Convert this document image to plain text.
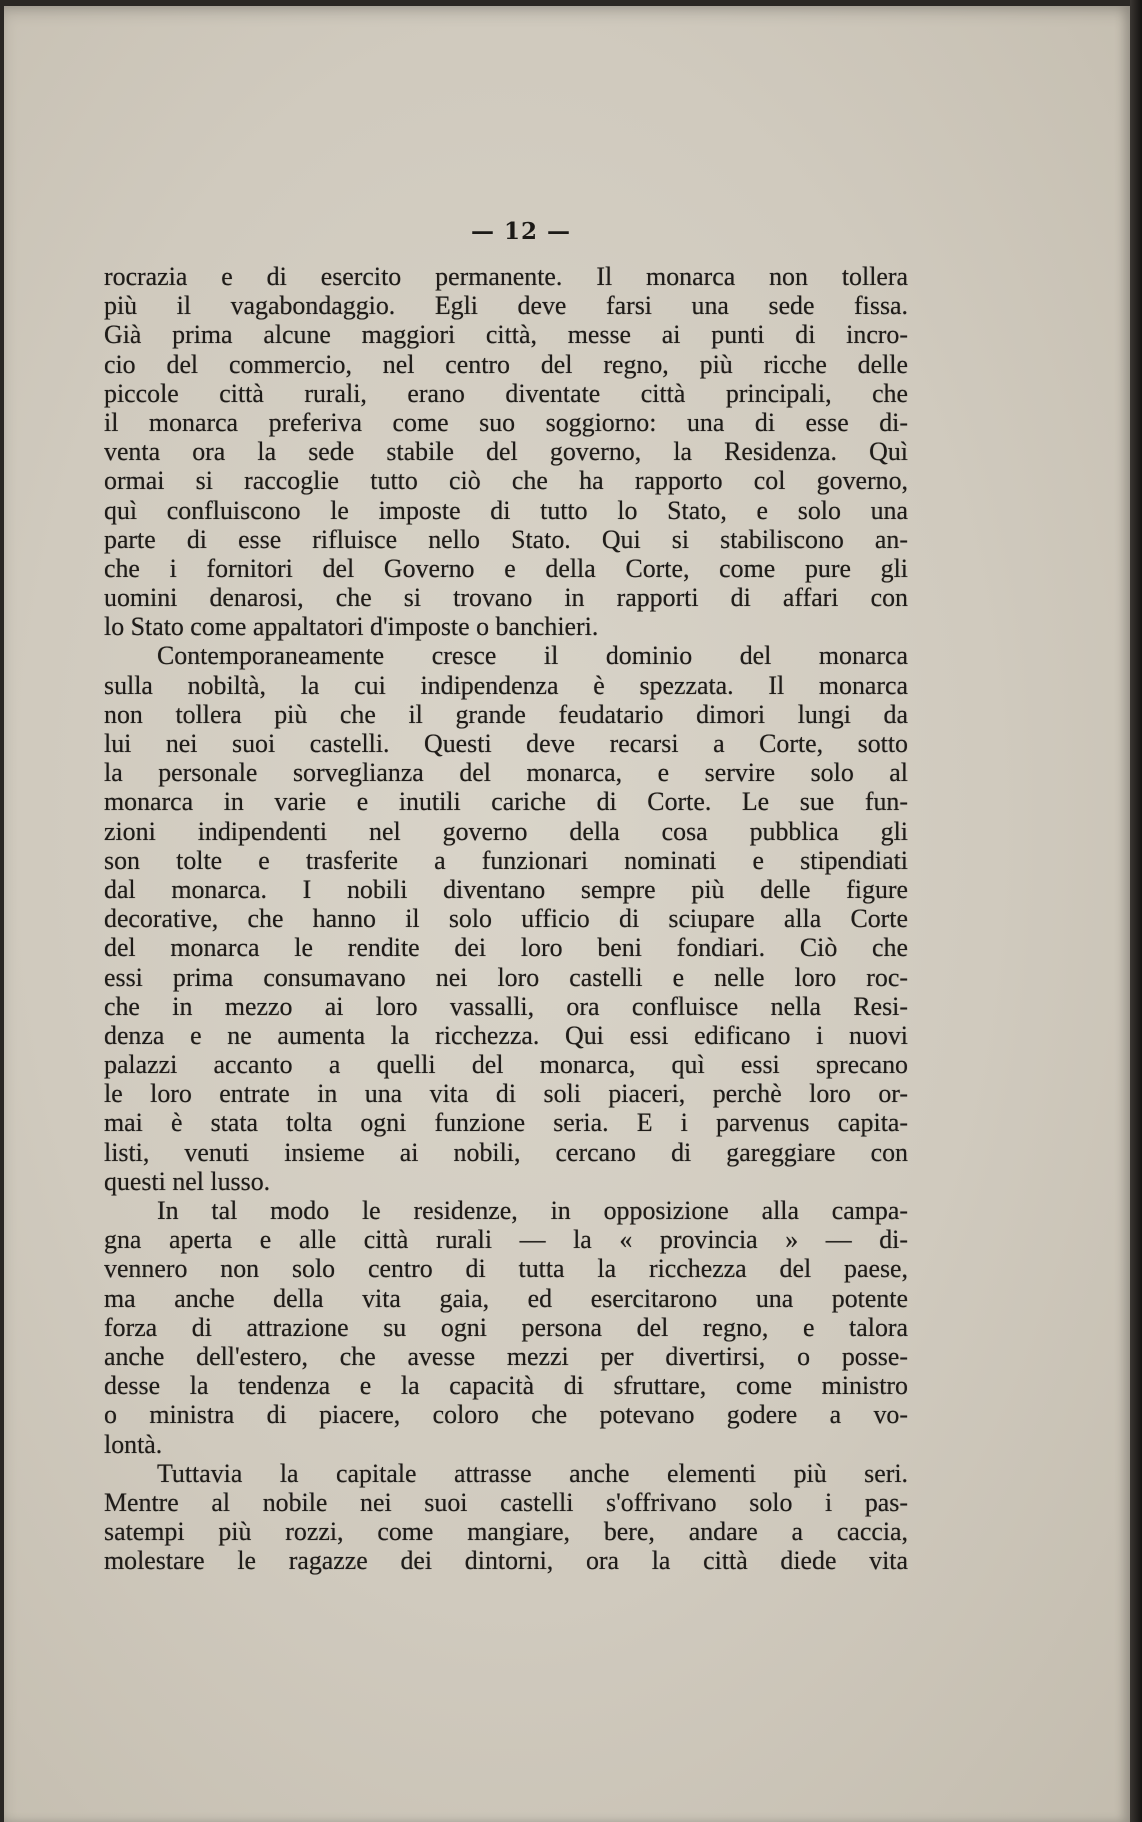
— 12 —
rocrazia e di esercito permanente. Il monarca non tollera
più il vagabondaggio. Egli deve farsi una sede fissa.
Già prima alcune maggiori città, messe ai punti di incro-
cio del commercio, nel centro del regno, più ricche delle
piccole città rurali, erano diventate città principali, che
il monarca preferiva come suo soggiorno: una di esse di-
venta ora la sede stabile del governo, la Residenza. Quì
ormai si raccoglie tutto ciò che ha rapporto col governo,
quì confluiscono le imposte di tutto lo Stato, e solo una
parte di esse rifluisce nello Stato. Qui si stabiliscono an-
che i fornitori del Governo e della Corte, come pure gli
uomini denarosi, che si trovano in rapporti di affari con
lo Stato come appaltatori d'imposte o banchieri.
Contemporaneamente cresce il dominio del monarca
sulla nobiltà, la cui indipendenza è spezzata. Il monarca
non tollera più che il grande feudatario dimori lungi da
lui nei suoi castelli. Questi deve recarsi a Corte, sotto
la personale sorveglianza del monarca, e servire solo al
monarca in varie e inutili cariche di Corte. Le sue fun-
zioni indipendenti nel governo della cosa pubblica gli
son tolte e trasferite a funzionari nominati e stipendiati
dal monarca. I nobili diventano sempre più delle figure
decorative, che hanno il solo ufficio di sciupare alla Corte
del monarca le rendite dei loro beni fondiari. Ciò che
essi prima consumavano nei loro castelli e nelle loro roc-
che in mezzo ai loro vassalli, ora confluisce nella Resi-
denza e ne aumenta la ricchezza. Qui essi edificano i nuovi
palazzi accanto a quelli del monarca, quì essi sprecano
le loro entrate in una vita di soli piaceri, perchè loro or-
mai è stata tolta ogni funzione seria. E i parvenus capita-
listi, venuti insieme ai nobili, cercano di gareggiare con
questi nel lusso.
In tal modo le residenze, in opposizione alla campa-
gna aperta e alle città rurali — la « provincia » — di-
vennero non solo centro di tutta la ricchezza del paese,
ma anche della vita gaia, ed esercitarono una potente
forza di attrazione su ogni persona del regno, e talora
anche dell'estero, che avesse mezzi per divertirsi, o posse-
desse la tendenza e la capacità di sfruttare, come ministro
o ministra di piacere, coloro che potevano godere a vo-
lontà.
Tuttavia la capitale attrasse anche elementi più seri.
Mentre al nobile nei suoi castelli s'offrivano solo i pas-
satempi più rozzi, come mangiare, bere, andare a caccia,
molestare le ragazze dei dintorni, ora la città diede vita
